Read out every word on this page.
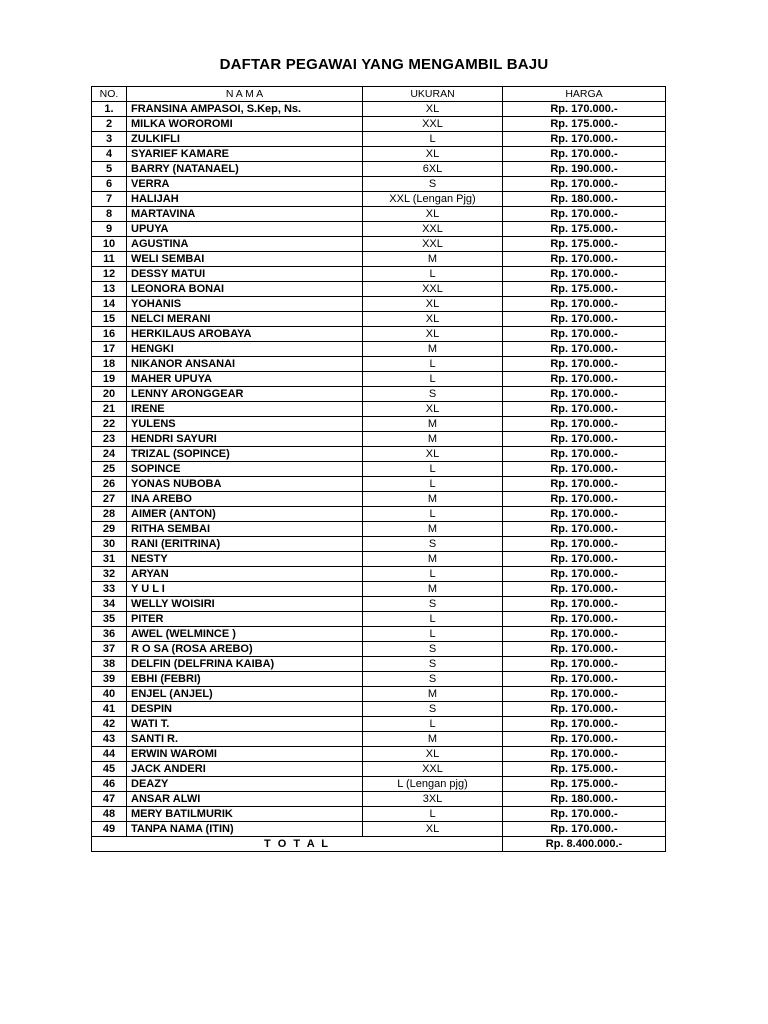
DAFTAR PEGAWAI YANG MENGAMBIL BAJU
NO.	N A M A	UKURAN	HARGA
1.	FRANSINA AMPASOI, S.Kep, Ns.	XL	Rp. 170.000.-
2	MILKA WOROROMI	XXL	Rp. 175.000.-
3	ZULKIFLI	L	Rp. 170.000.-
4	SYARIEF KAMARE	XL	Rp. 170.000.-
5	BARRY (NATANAEL)	6XL	Rp. 190.000.-
6	VERRA	S	Rp. 170.000.-
7	HALIJAH	XXL (Lengan Pjg)	Rp. 180.000.-
8	MARTAVINA	XL	Rp. 170.000.-
9	UPUYA	XXL	Rp. 175.000.-
10	AGUSTINA	XXL	Rp. 175.000.-
11	WELI SEMBAI	M	Rp. 170.000.-
12	DESSY MATUI	L	Rp. 170.000.-
13	LEONORA BONAI	XXL	Rp. 175.000.-
14	YOHANIS	XL	Rp. 170.000.-
15	NELCI MERANI	XL	Rp. 170.000.-
16	HERKILAUS AROBAYA	XL	Rp. 170.000.-
17	HENGKI	M	Rp. 170.000.-
18	NIKANOR ANSANAI	L	Rp. 170.000.-
19	MAHER UPUYA	L	Rp. 170.000.-
20	LENNY ARONGGEAR	S	Rp. 170.000.-
21	IRENE	XL	Rp. 170.000.-
22	YULENS	M	Rp. 170.000.-
23	HENDRI SAYURI	M	Rp. 170.000.-
24	TRIZAL (SOPINCE)	XL	Rp. 170.000.-
25	SOPINCE	L	Rp. 170.000.-
26	YONAS NUBOBA	L	Rp. 170.000.-
27	INA AREBO	M	Rp. 170.000.-
28	AIMER (ANTON)	L	Rp. 170.000.-
29	RITHA SEMBAI	M	Rp. 170.000.-
30	RANI (ERITRINA)	S	Rp. 170.000.-
31	NESTY	M	Rp. 170.000.-
32	ARYAN	L	Rp. 170.000.-
33	Y U L I	M	Rp. 170.000.-
34	WELLY WOISIRI	S	Rp. 170.000.-
35	PITER	L	Rp. 170.000.-
36	AWEL (WELMINCE )	L	Rp. 170.000.-
37	R O SA (ROSA AREBO)	S	Rp. 170.000.-
38	DELFIN (DELFRINA KAIBA)	S	Rp. 170.000.-
39	EBHI (FEBRI)	S	Rp. 170.000.-
40	ENJEL (ANJEL)	M	Rp. 170.000.-
41	DESPIN	S	Rp. 170.000.-
42	WATI T.	L	Rp. 170.000.-
43	SANTI R.	M	Rp. 170.000.-
44	ERWIN WAROMI	XL	Rp. 170.000.-
45	JACK ANDERI	XXL	Rp. 175.000.-
46	DEAZY	L (Lengan pjg)	Rp. 175.000.-
47	ANSAR ALWI	3XL	Rp. 180.000.-
48	MERY BATILMURIK	L	Rp. 170.000.-
49	TANPA NAMA (ITIN)	XL	Rp. 170.000.-
T O T A L			Rp. 8.400.000.-
